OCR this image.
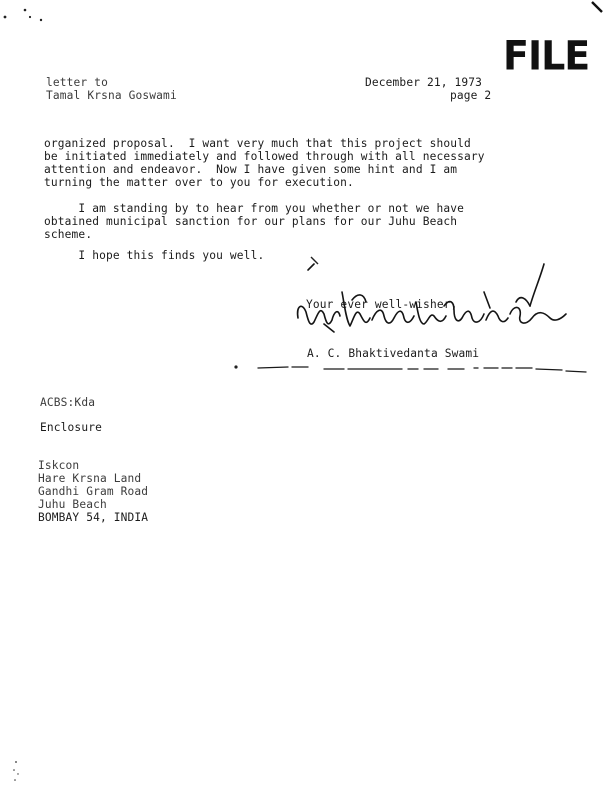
FILE
letter to
Tamal Krsna Goswami
December 21, 1973
page 2
organized proposal.  I want very much that this project should
be initiated immediately and followed through with all necessary
attention and endeavor.  Now I have given some hint and I am
turning the matter over to you for execution.
I am standing by to hear from you whether or not we have
obtained municipal sanction for our plans for our Juhu Beach
scheme.
I hope this finds you well.
Your ever well-wisher,
A. C. Bhaktivedanta Swami
ACBS:Kda
Enclosure
Iskcon
Hare Krsna Land
Gandhi Gram Road
Juhu Beach
BOMBAY 54, INDIA
